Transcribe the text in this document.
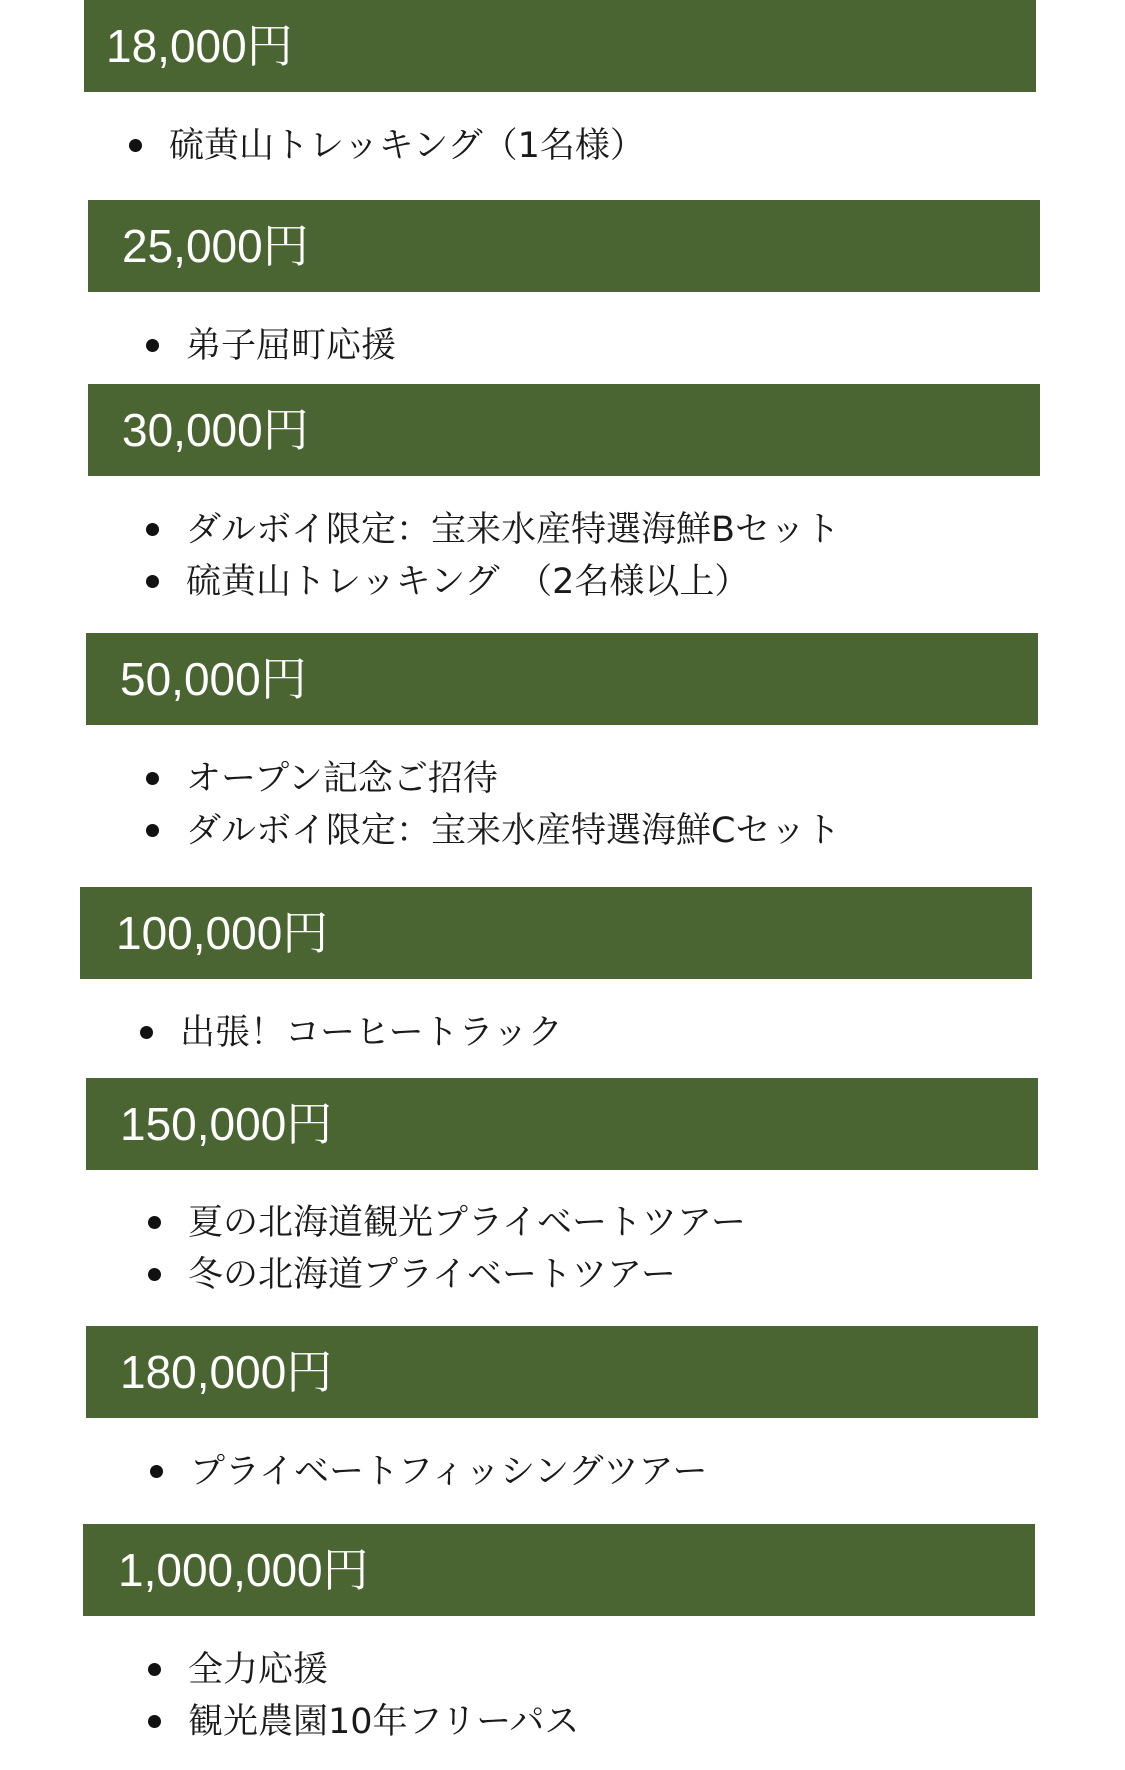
18,000円
硫黄山トレッキング（1名様）
25,000円
弟子屈町応援
30,000円
ダルボイ限定：宝来水産特選海鮮Bセット
硫黄山トレッキング　（2名様以上）
50,000円
オープン記念ご招待
ダルボイ限定：宝来水産特選海鮮Cセット
100,000円
出張！コーヒートラック
150,000円
夏の北海道観光プライベートツアー
冬の北海道プライベートツアー
180,000円
プライベートフィッシングツアー
1,000,000円
全力応援
観光農園10年フリーパス
